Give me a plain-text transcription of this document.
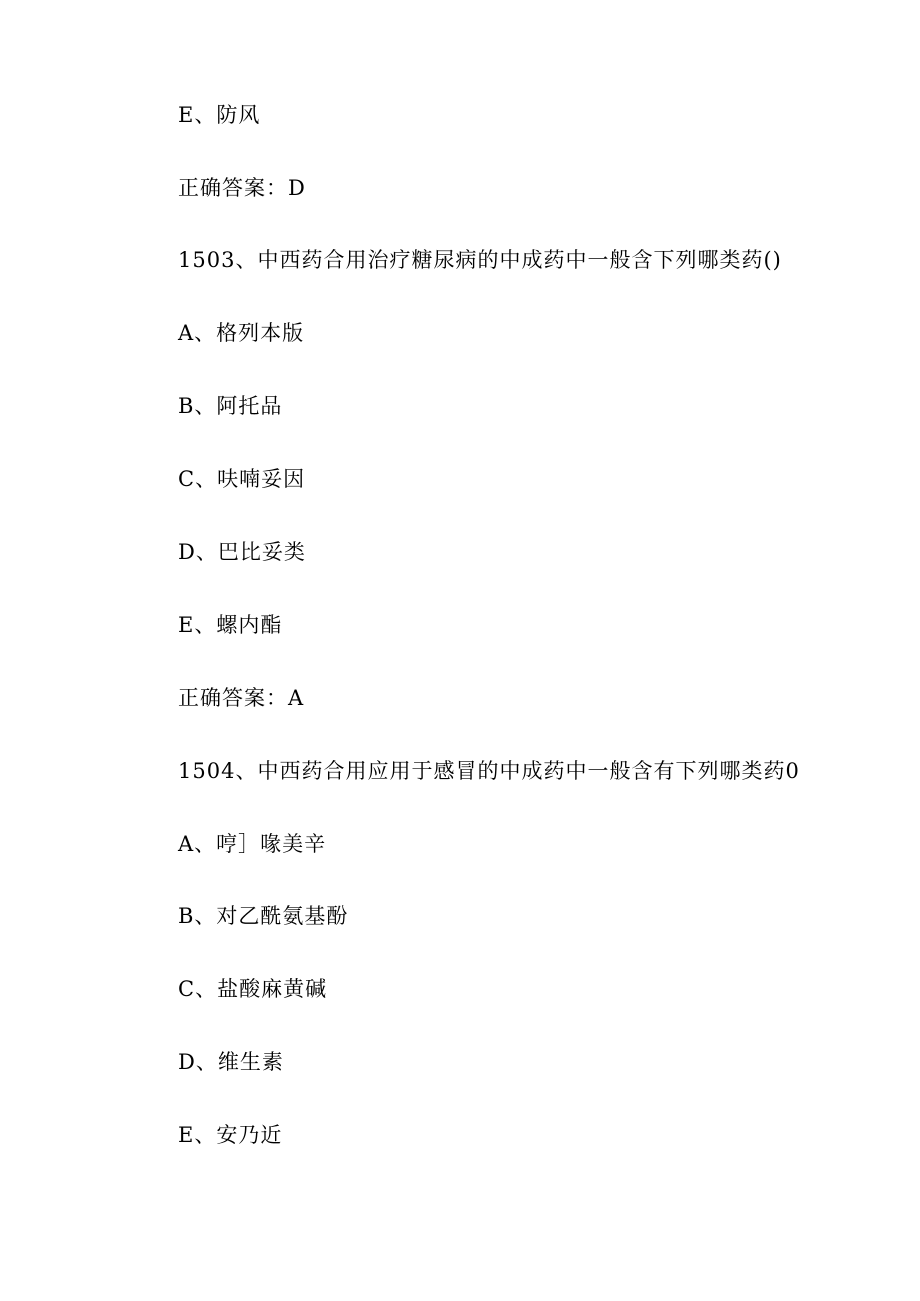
E、防风
正确答案：D
1503、中西药合用治疗糖尿病的中成药中一般含下列哪类药()
A、格列本版
B、阿托品
C、呋喃妥因
D、巴比妥类
E、螺内酯
正确答案：A
1504、中西药合用应用于感冒的中成药中一般含有下列哪类药0
A、哼］喙美辛
B、对乙酰氨基酚
C、盐酸麻黄碱
D、维生素
E、安乃近
